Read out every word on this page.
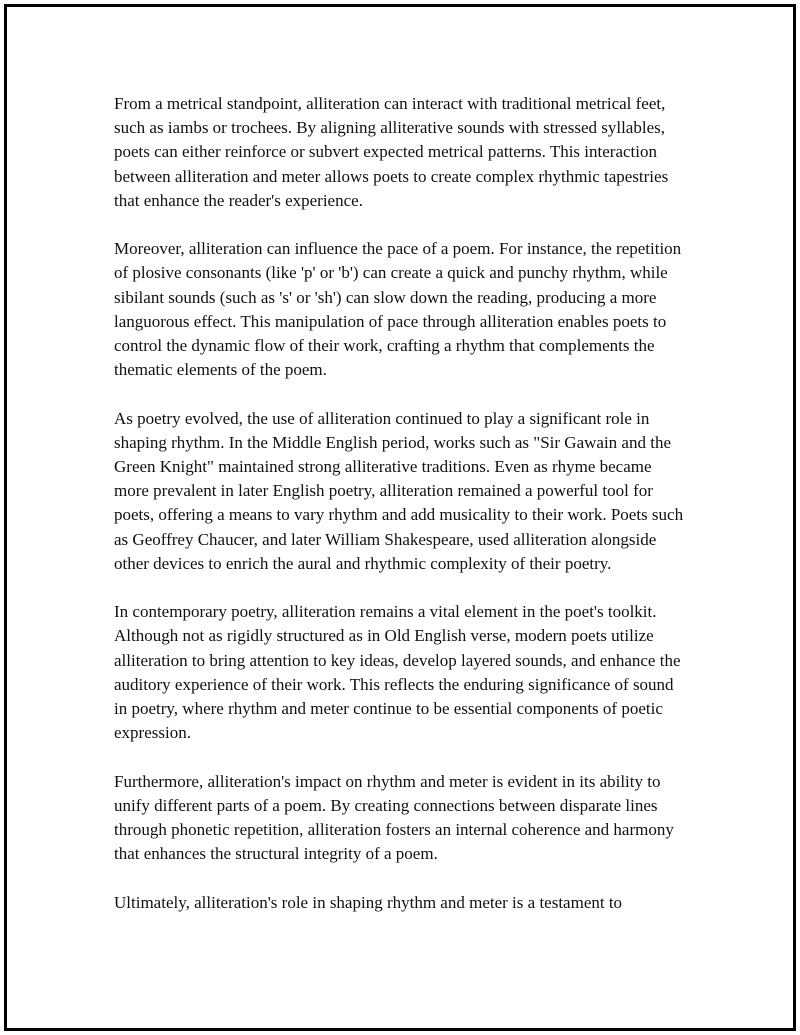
From a metrical standpoint, alliteration can interact with traditional metrical feet, such as iambs or trochees. By aligning alliterative sounds with stressed syllables, poets can either reinforce or subvert expected metrical patterns. This interaction between alliteration and meter allows poets to create complex rhythmic tapestries that enhance the reader's experience.

Moreover, alliteration can influence the pace of a poem. For instance, the repetition of plosive consonants (like 'p' or 'b') can create a quick and punchy rhythm, while sibilant sounds (such as 's' or 'sh') can slow down the reading, producing a more languorous effect. This manipulation of pace through alliteration enables poets to control the dynamic flow of their work, crafting a rhythm that complements the thematic elements of the poem.

As poetry evolved, the use of alliteration continued to play a significant role in shaping rhythm. In the Middle English period, works such as "Sir Gawain and the Green Knight" maintained strong alliterative traditions. Even as rhyme became more prevalent in later English poetry, alliteration remained a powerful tool for poets, offering a means to vary rhythm and add musicality to their work. Poets such as Geoffrey Chaucer, and later William Shakespeare, used alliteration alongside other devices to enrich the aural and rhythmic complexity of their poetry.

In contemporary poetry, alliteration remains a vital element in the poet's toolkit. Although not as rigidly structured as in Old English verse, modern poets utilize alliteration to bring attention to key ideas, develop layered sounds, and enhance the auditory experience of their work. This reflects the enduring significance of sound in poetry, where rhythm and meter continue to be essential components of poetic expression.

Furthermore, alliteration's impact on rhythm and meter is evident in its ability to unify different parts of a poem. By creating connections between disparate lines through phonetic repetition, alliteration fosters an internal coherence and harmony that enhances the structural integrity of a poem.

Ultimately, alliteration's role in shaping rhythm and meter is a testament to
